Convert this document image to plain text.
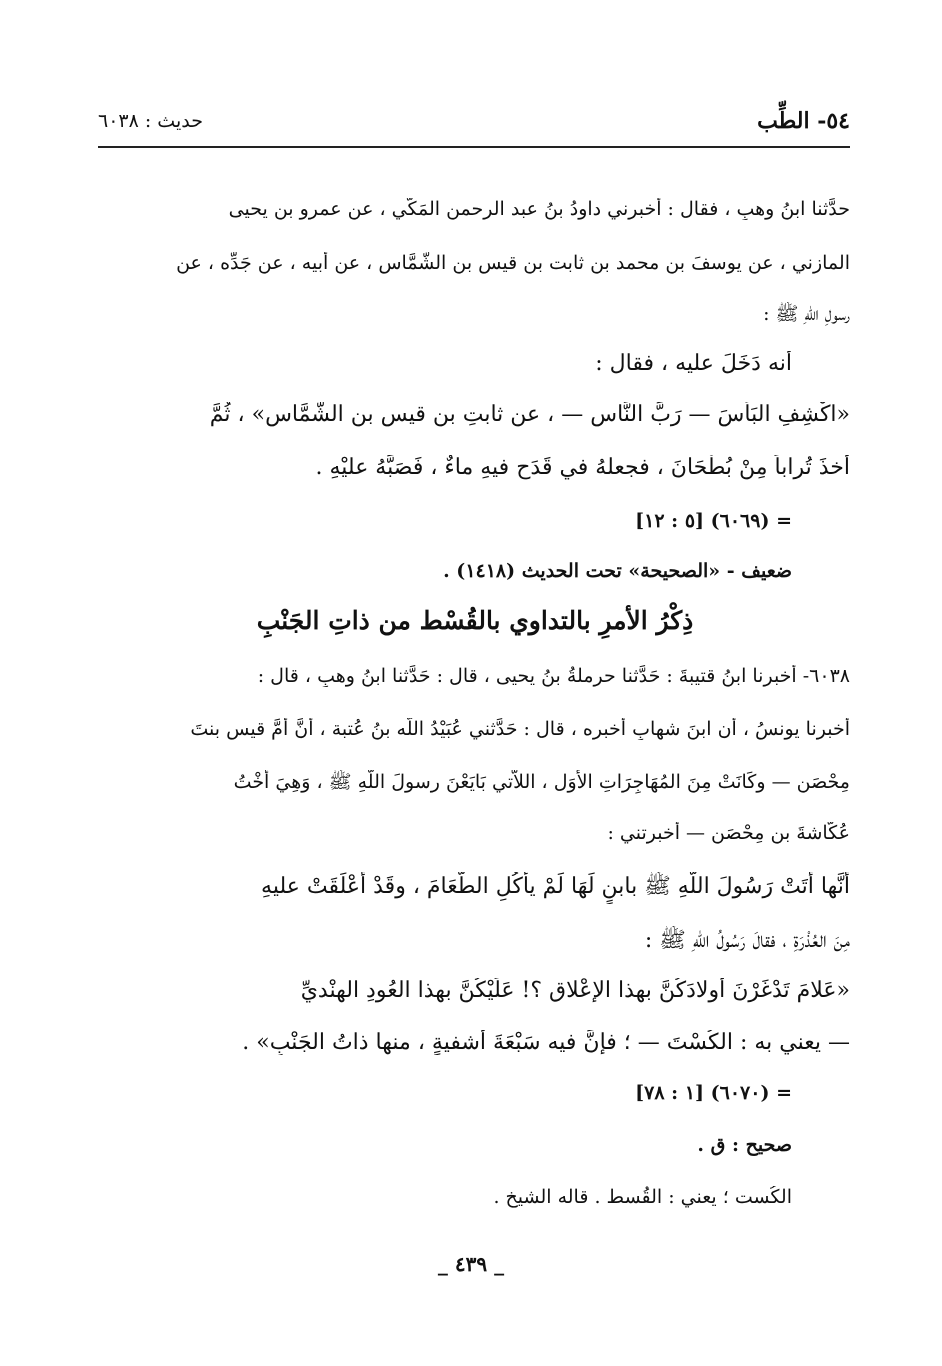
٥٤- الطِّب
حديث : ٦٠٣٨
حدَّثنا ابنُ وهبٍ ، فقال : أخبرني داودُ بنُ عبد الرحمن المَكّي ، عن عمرو بن يحيى
المازني ، عن يوسفَ بنِ محمد بن ثابت بن قيس بنِ الشَّمَّاس ، عن أبيه ، عن جَدِّه ، عن
رسولِ اللّهِ ﷺ :
أنه دَخَلَ عليه ، فقال :
«اكْشِفِ البَأْسَ — رَبَّ النَّاسِ — ، عن ثابتِ بنِ قيسِ بنِ الشَّمَّاس» ، ثُمَّ
أخذَ تُراباً مِنْ بُطْحَانَ ، فجعلهُ في قَدَحٍ فيهِ ماءٌ ، فَصَبَّهُ عليْهِ .
= (٦٠٦٩) [٥ : ١٢]
ضعيف - «الصحيحة» تحت الحديث (١٤١٨) .
ذِكْرُ الأمرِ بالتداوي بالقُسْط من ذاتِ الجَنْبِ
٦٠٣٨- أخبرنا ابنُ قتيبةَ : حَدَّثنا حرملةُ بنُ يحيى ، قال : حَدَّثنا ابنُ وهبٍ ، قال :
أخبرنا يونسُ ، أن ابنَ شهابٍ أخبره ، قال : حَدَّثني عُبَيْدُ اللّه بنُ عُتبة ، أنَّ أُمَّ قيس بنتَ
مِحْصَن — وكَانَتْ مِنَ المُهَاجِرَاتِ الأُوَل ، اللاَّتي بَايَعْنَ رسولَ اللّهِ ﷺ ، وَهِيَ أُخْتُ
عُكَّاشةَ بنِ مِحْصَن — أخبرتني :
أنَّها أَتَتْ رَسُولَ اللّهِ ﷺ بابنٍ لَهَا لَمْ يأكُلِ الطَّعَامَ ، وقَدْ أَعْلَقَتْ عليهِ
مِنَ العُذْرَةِ ، فقالَ رَسُولُ اللّهِ ﷺ :
«عَلامَ تَدْغَرْنَ أولادَكُنَّ بهذا الإعْلاق ؟! عَلَيْكُنَّ بهذا العُودِ الهِنْديِّ
— يعني به : الكُسْتَ — ؛ فإنَّ فيه سَبْعَةَ أشفيةٍ ، منها ذاتُ الجَنْبِ» .
= (٦٠٧٠) [١ : ٧٨]
صحيح : ق .
الكُست ؛ يعني : القُسط . قاله الشيخ .
_ ٤٣٩ _
